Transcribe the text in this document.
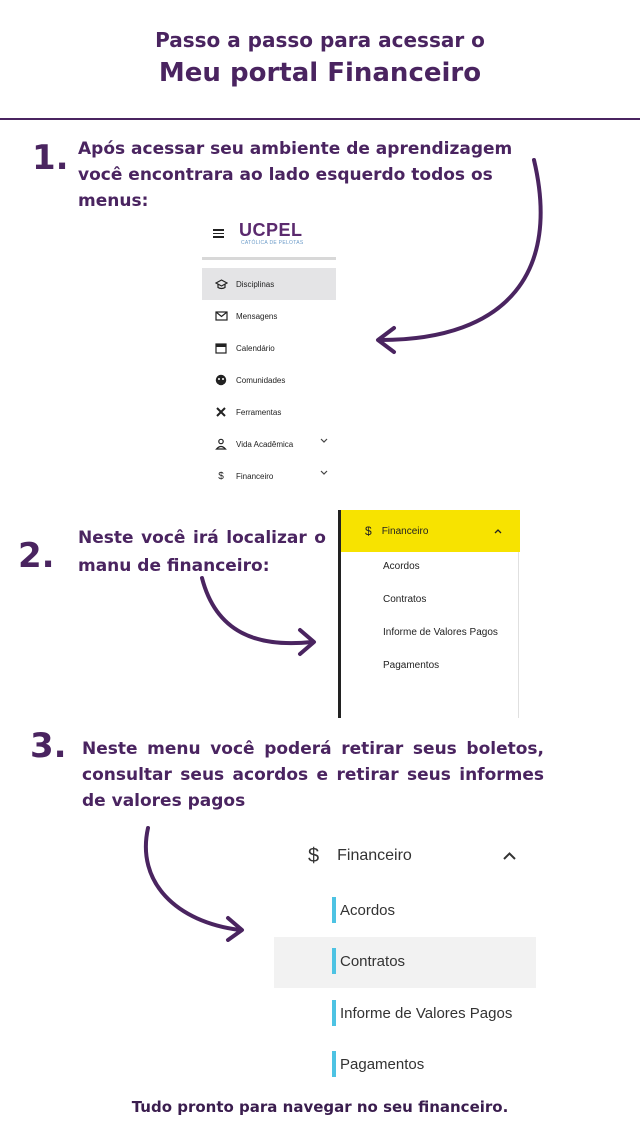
Passo a passo para acessar o
Meu portal Financeiro
1. Após acessar seu ambiente de aprendizagem você encontrara ao lado esquerdo todos os menus:
UCPEL
CATÓLICA DE PELOTAS
Disciplinas
Mensagens
Calendário
Comunidades
Ferramentas
Vida Acadêmica
$	Financeiro
2. Neste você irá localizar o manu de financeiro:
$ Financeiro
Acordos
Contratos
Informe de Valores Pagos
Pagamentos
3. Neste menu você poderá retirar seus boletos, consultar seus acordos e retirar seus informes de valores pagos
$ Financeiro
Acordos
Contratos
Informe de Valores Pagos
Pagamentos
Tudo pronto para navegar no seu financeiro.
